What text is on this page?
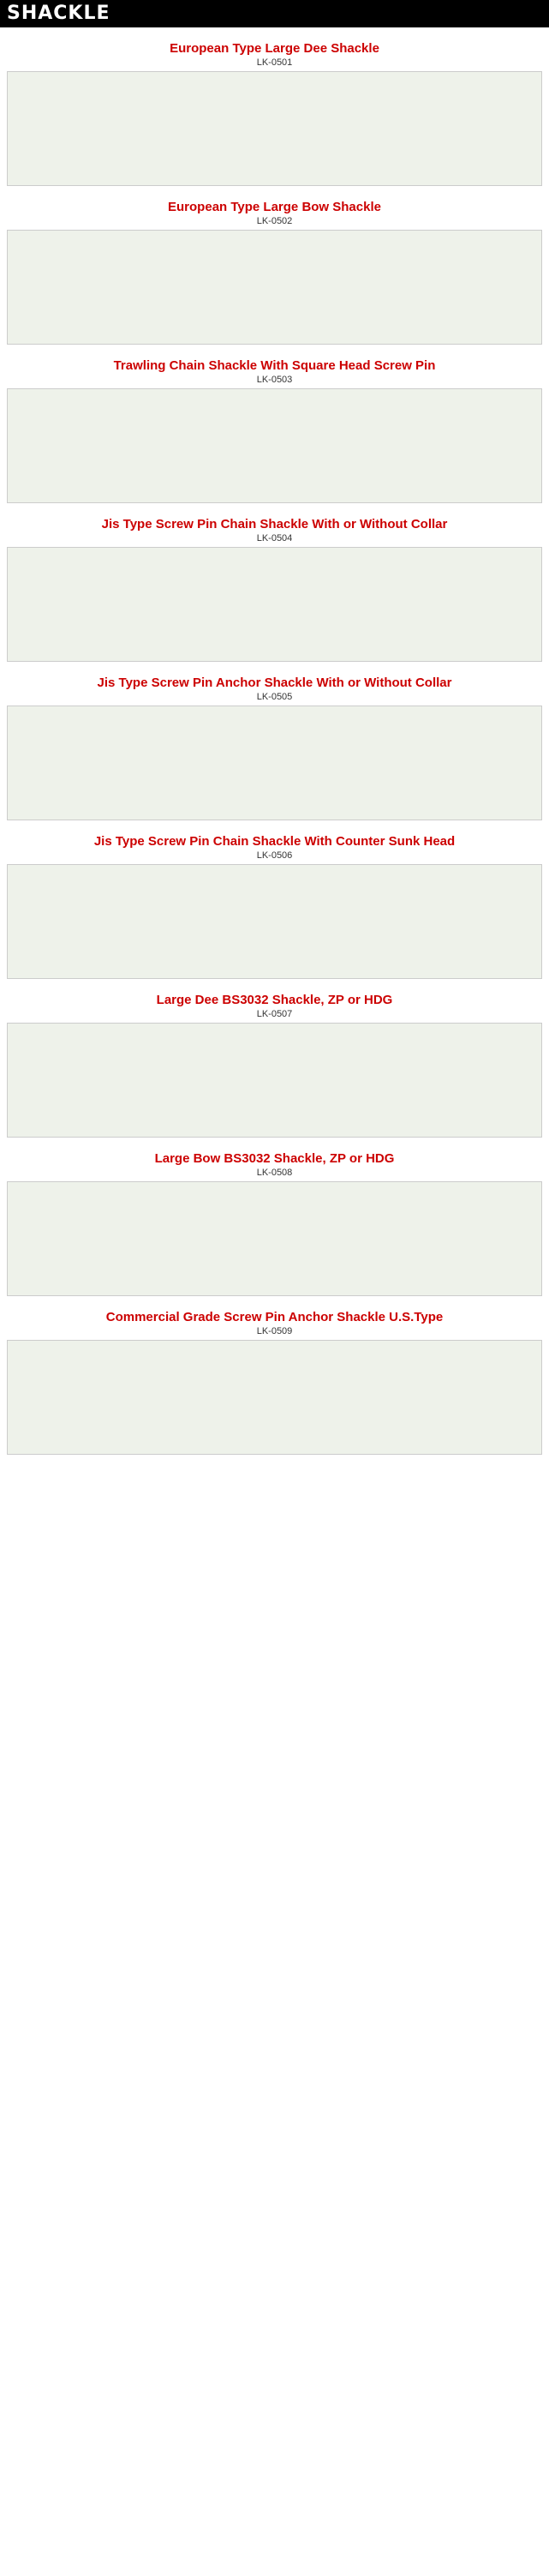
SHACKLE
European Type Large Dee Shackle
LK-0501
European Type Large Bow Shackle
LK-0502
Trawling Chain Shackle With Square Head Screw Pin
LK-0503
Jis Type Screw Pin Chain Shackle With or Without Collar
LK-0504
Jis Type Screw Pin Anchor Shackle With or Without Collar
LK-0505
Jis Type Screw Pin Chain Shackle With Counter Sunk Head
LK-0506
Large Dee BS3032 Shackle, ZP or HDG
LK-0507
Large Bow BS3032 Shackle, ZP or HDG
LK-0508
Commercial Grade Screw Pin Anchor Shackle U.S.Type
LK-0509
